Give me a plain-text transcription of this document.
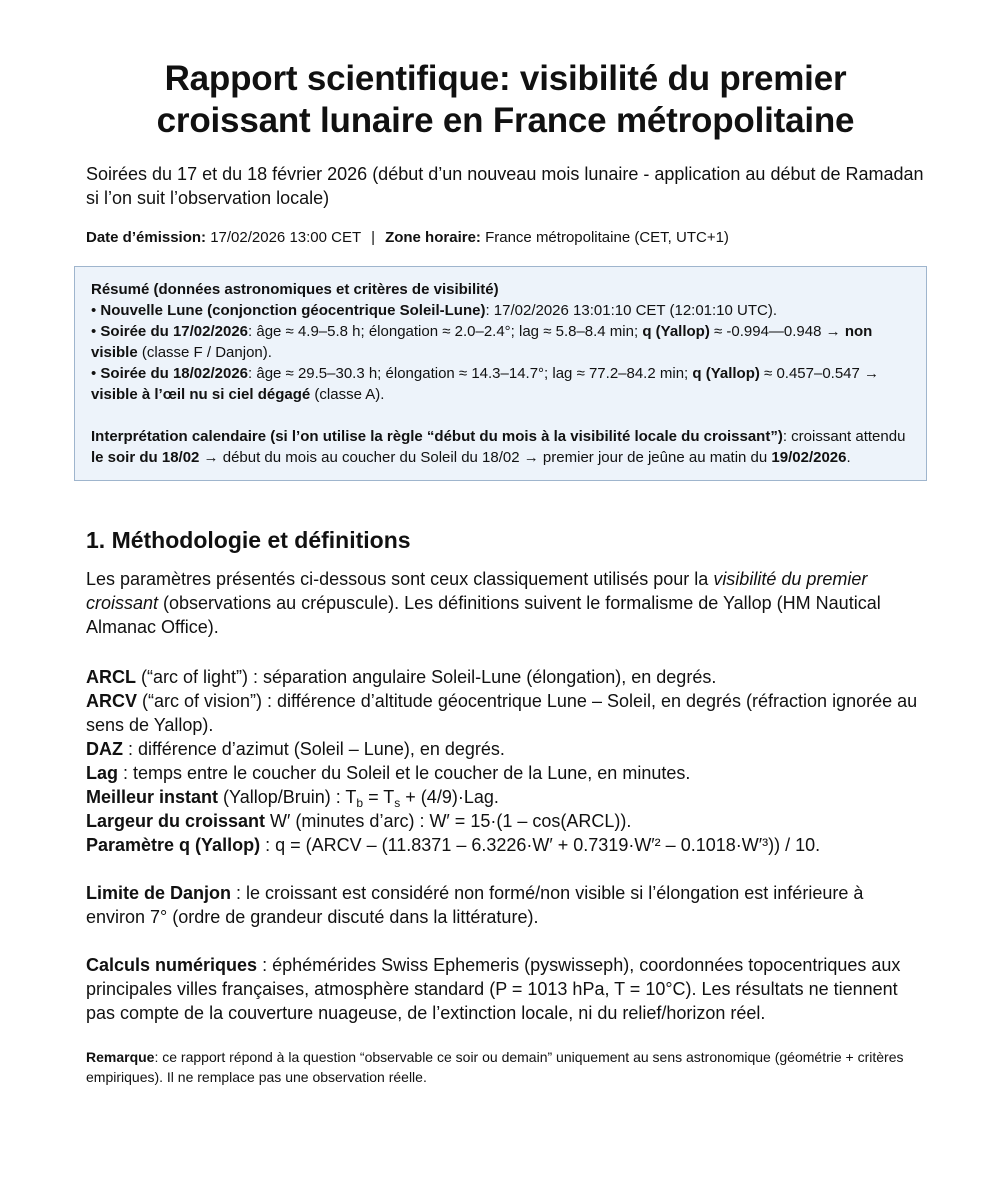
Rapport scientifique: visibilité du premier croissant lunaire en France métropolitaine

Soirées du 17 et du 18 février 2026 (début d’un nouveau mois lunaire - application au début de Ramadan si l’on suit l’observation locale)

Date d’émission: 17/02/2026 13:00 CET | Zone horaire: France métropolitaine (CET, UTC+1)

Résumé (données astronomiques et critères de visibilité)

• Nouvelle Lune (conjonction géocentrique Soleil-Lune): 17/02/2026 13:01:10 CET (12:01:10 UTC).

• Soirée du 17/02/2026: âge ≈ 4.9–5.8 h; élongation ≈ 2.0–2.4°; lag ≈ 5.8–8.4 min; q (Yallop) ≈ -0.994—0.948 → non visible (classe F / Danjon).

• Soirée du 18/02/2026: âge ≈ 29.5–30.3 h; élongation ≈ 14.3–14.7°; lag ≈ 77.2–84.2 min; q (Yallop) ≈ 0.457–0.547 → visible à l’œil nu si ciel dégagé (classe A).

Interprétation calendaire (si l’on utilise la règle “début du mois à la visibilité locale du croissant”): croissant attendu le soir du 18/02 → début du mois au coucher du Soleil du 18/02 → premier jour de jeûne au matin du 19/02/2026.

1. Méthodologie et définitions

Les paramètres présentés ci-dessous sont ceux classiquement utilisés pour la visibilité du premier croissant (observations au crépuscule). Les définitions suivent le formalisme de Yallop (HM Nautical Almanac Office).

ARCL (“arc of light”) : séparation angulaire Soleil-Lune (élongation), en degrés.

ARCV (“arc of vision”) : différence d’altitude géocentrique Lune – Soleil, en degrés (réfraction ignorée au sens de Yallop).

DAZ : différence d’azimut (Soleil – Lune), en degrés.

Lag : temps entre le coucher du Soleil et le coucher de la Lune, en minutes.

Meilleur instant (Yallop/Bruin) : $T_b = T_s + (4/9)\cdot Lag$.

Largeur du croissant W′ (minutes d’arc) : W′ = 15·(1 – cos(ARCL)).

Paramètre q (Yallop) : q = (ARCV – (11.8371 – 6.3226·W′ + 0.7319·W′² – 0.1018·W′³)) / 10.

Limite de Danjon : le croissant est considéré non formé/non visible si l’élongation est inférieure à environ 7° (ordre de grandeur discuté dans la littérature).

Calculs numériques : éphémérides Swiss Ephemeris (pyswisseph), coordonnées topocentriques aux principales villes françaises, atmosphère standard (P = 1013 hPa, T = 10°C). Les résultats ne tiennent pas compte de la couverture nuageuse, de l’extinction locale, ni du relief/horizon réel.

Remarque: ce rapport répond à la question “observable ce soir ou demain” uniquement au sens astronomique (géométrie + critères empiriques). Il ne remplace pas une observation réelle.
